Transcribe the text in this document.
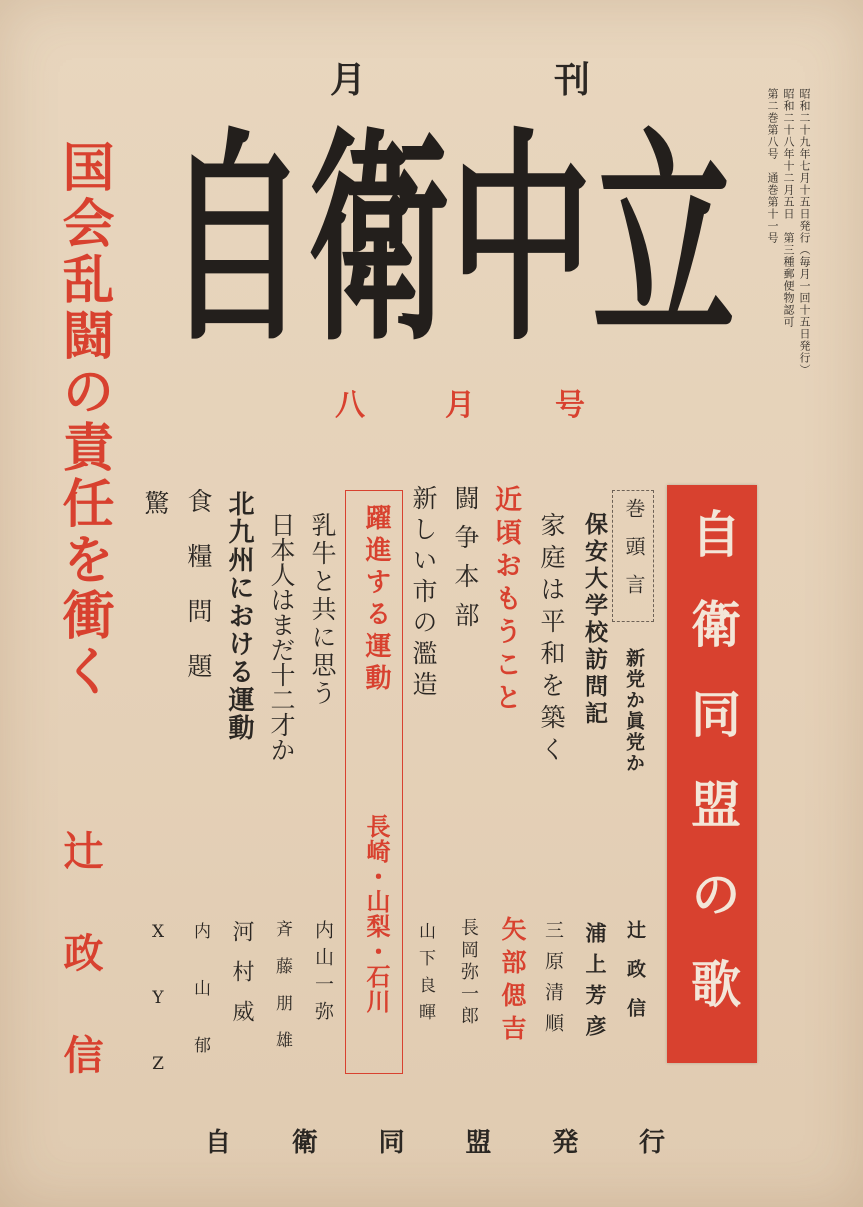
月	刊
自衛中立
八	月	号
昭和二十九年七月十五日発行（毎月一回十五日発行）
昭和二十八年十二月五日　第三種郵便物認可
第二巻第八号　通巻第十一号
国会乱闘の責任を衝く
辻政信	自衛同盟の歌
巻頭言
新党か眞党か
辻政信
保安大学校訪問記
浦上芳彦
家庭は平和を築く
三原清順
近頃おもうこと
矢部偲吉
闘争本部
長岡弥一郎
新しい市の濫造
山下良暉
躍進する運動
長崎・山梨・石川
乳牛と共に思う
内山一弥
日本人はまだ十二才か
斉藤朋雄
北九州における運動
河村威
食糧問題
内山郁
驚
XYZ
自 衛 同 盟 発 行
